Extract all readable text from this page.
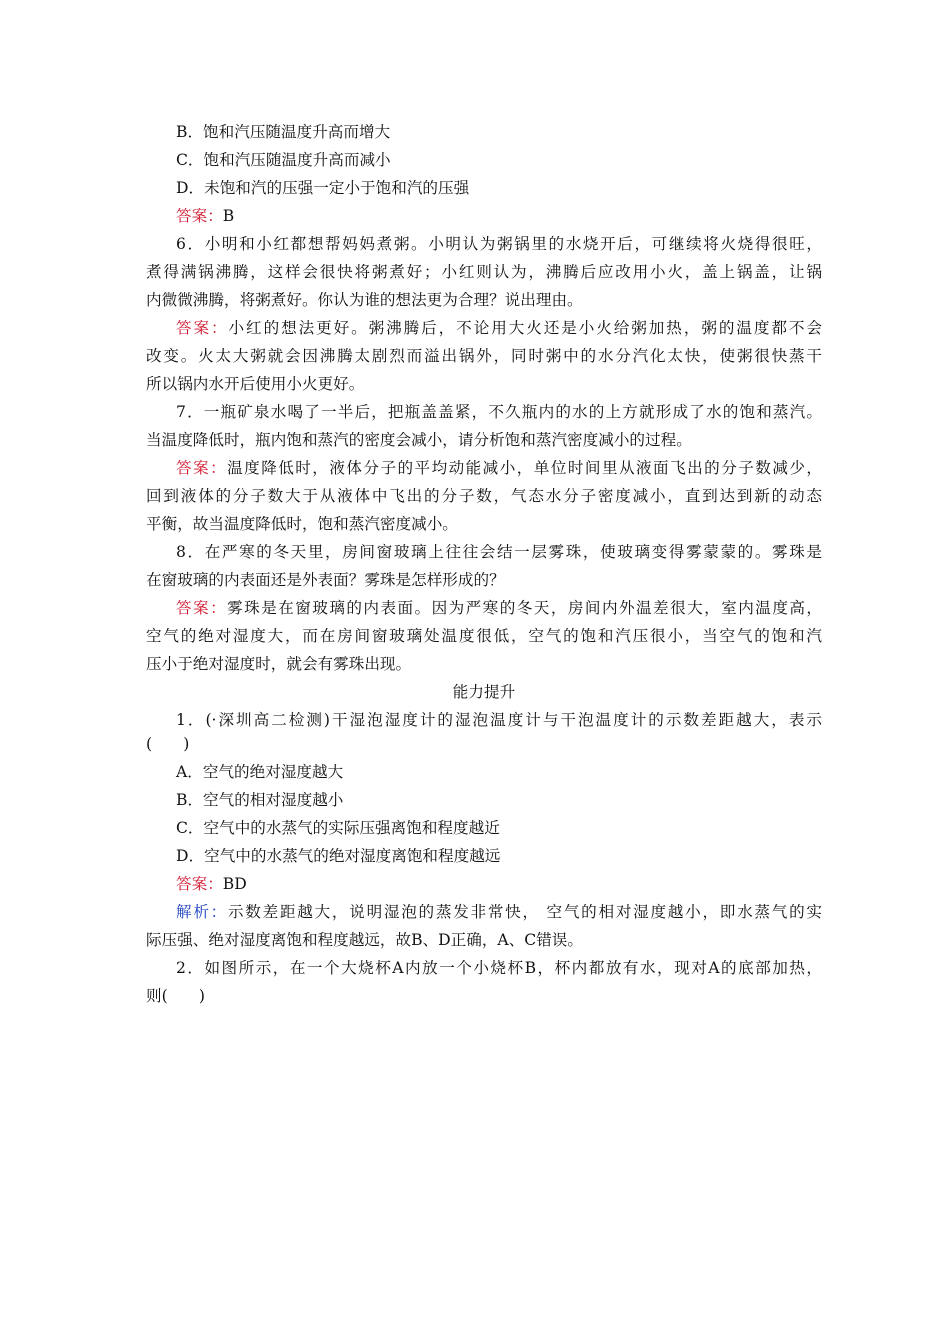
B．饱和汽压随温度升高而增大
C．饱和汽压随温度升高而减小
D．未饱和汽的压强一定小于饱和汽的压强
答案：B
6．小明和小红都想帮妈妈煮粥。小明认为粥锅里的水烧开后，可继续将火烧得很旺，
煮得满锅沸腾，这样会很快将粥煮好；小红则认为，沸腾后应改用小火，盖上锅盖，让锅
内微微沸腾，将粥煮好。你认为谁的想法更为合理？说出理由。
答案：小红的想法更好。粥沸腾后，不论用大火还是小火给粥加热，粥的温度都不会
改变。火太大粥就会因沸腾太剧烈而溢出锅外，同时粥中的水分汽化太快，使粥很快蒸干
所以锅内水开后使用小火更好。
7．一瓶矿泉水喝了一半后，把瓶盖盖紧，不久瓶内的水的上方就形成了水的饱和蒸汽。
当温度降低时，瓶内饱和蒸汽的密度会减小，请分析饱和蒸汽密度减小的过程。
答案：温度降低时，液体分子的平均动能减小，单位时间里从液面飞出的分子数减少，
回到液体的分子数大于从液体中飞出的分子数，气态水分子密度减小，直到达到新的动态
平衡，故当温度降低时，饱和蒸汽密度减小。
8．在严寒的冬天里，房间窗玻璃上往往会结一层雾珠，使玻璃变得雾蒙蒙的。雾珠是
在窗玻璃的内表面还是外表面？雾珠是怎样形成的？
答案：雾珠是在窗玻璃的内表面。因为严寒的冬天，房间内外温差很大，室内温度高，
空气的绝对湿度大，而在房间窗玻璃处温度很低，空气的饱和汽压很小，当空气的饱和汽
压小于绝对湿度时，就会有雾珠出现。
能力提升
1．(·深圳高二检测)干湿泡湿度计的湿泡温度计与干泡温度计的示数差距越大，表示
(　　)
A．空气的绝对湿度越大
B．空气的相对湿度越小
C．空气中的水蒸气的实际压强离饱和程度越近
D．空气中的水蒸气的绝对湿度离饱和程度越远
答案：BD
解析：示数差距越大，说明湿泡的蒸发非常快， 空气的相对湿度越小，即水蒸气的实
际压强、绝对湿度离饱和程度越远，故B、D正确，A、C错误。
2．如图所示，在一个大烧杯A内放一个小烧杯B，杯内都放有水，现对A的底部加热，
则(　　)
